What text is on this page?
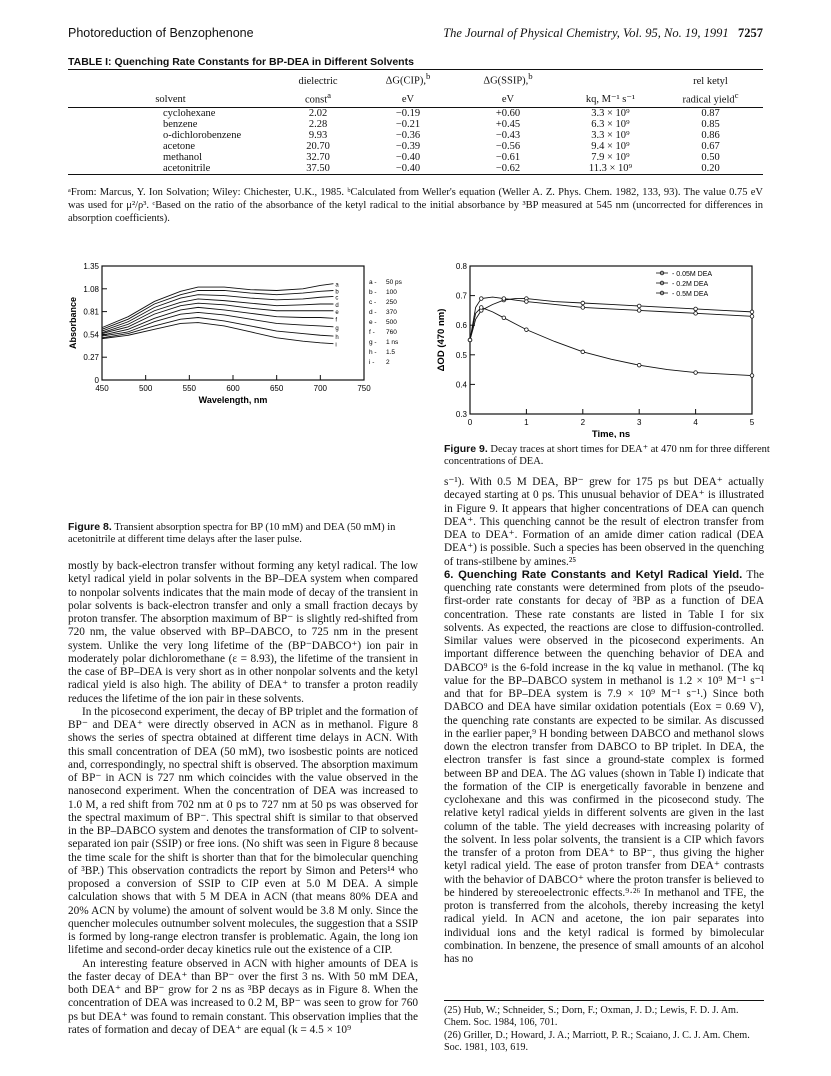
Photoreduction of Benzophenone	The Journal of Physical Chemistry, Vol. 95, No. 19, 1991 7257
TABLE I: Quenching Rate Constants for BP-DEA in Different Solvents
	dielectric	ΔG(CIP),$^b$	ΔG(SSIP),$^b$		rel ketyl
solvent	const$^a$	eV	eV	kq, M⁻¹ s⁻¹	radical yield$^c$
cyclohexane	2.02	−0.19	+0.60	3.3 × 10⁹	0.87
benzene	2.28	−0.21	+0.45	6.3 × 10⁹	0.85
o-dichlorobenzene	9.93	−0.36	−0.43	3.3 × 10⁹	0.86
acetone	20.70	−0.39	−0.56	9.4 × 10⁹	0.67
methanol	32.70	−0.40	−0.61	7.9 × 10⁹	0.50
acetonitrile	37.50	−0.40	−0.62	11.3 × 10⁹	0.20
ᵃFrom: Marcus, Y. Ion Solvation; Wiley: Chichester, U.K., 1985. ᵇCalculated from Weller's equation (Weller A. Z. Phys. Chem. 1982, 133, 93). The value 0.75 eV was used for μ²/ρ³. ᶜBased on the ratio of the absorbance of the ketyl radical to the initial absorbance by ³BP measured at 545 nm (uncorrected for differences in absorption coefficients).
0
0.27
0.54
0.81
1.08
1.35
450	500	550	600	650	700	750
Wavelength, nm
Absorbance
a
b
c
d
e
f
g
h
i
a - 50 ps
b - 100
c - 250
d - 370
e - 500
f - 760
g - 1 ns
h - 1.5
i - 2
Figure 8. Transient absorption spectra for BP (10 mM) and DEA (50 mM) in acetonitrile at different time delays after the laser pulse.
0.3
0.4
0.5
0.6
0.7
0.8
0	1	2	3	4	5
Time, ns
ΔOD (470 nm)
- 0.05M DEA
- 0.2M DEA
- 0.5M DEA
Figure 9. Decay traces at short times for DEA⁺ at 470 nm for three different concentrations of DEA.

mostly by back-electron transfer without forming any ketyl radical. The low ketyl radical yield in polar solvents in the BP–DEA system when compared to nonpolar solvents indicates that the main mode of decay of the transient in polar solvents is back-electron transfer and only a small fraction decays by proton transfer. The absorption maximum of BP⁻ is slightly red-shifted from 720 nm, the value observed with BP–DABCO, to 725 nm in the present system. Unlike the very long lifetime of the (BP⁻DABCO⁺) ion pair in moderately polar dichloromethane (ε = 8.93), the lifetime of the transient in the case of BP–DEA is very short as in other nonpolar solvents and the ketyl radical yield is also high. The ability of DEA⁺ to transfer a proton readily reduces the lifetime of the ion pair in these solvents.

In the picosecond experiment, the decay of BP triplet and the formation of BP⁻ and DEA⁺ were directly observed in ACN as in methanol. Figure 8 shows the series of spectra obtained at different time delays in ACN. With this small concentration of DEA (50 mM), two isosbestic points are noticed and, correspondingly, no spectral shift is observed. The absorption maximum of BP⁻ in ACN is 727 nm which coincides with the value observed in the nanosecond experiment. When the concentration of DEA was increased to 1.0 M, a red shift from 702 nm at 0 ps to 727 nm at 50 ps was observed for the spectral maximum of BP⁻. This spectral shift is similar to that observed in the BP–DABCO system and denotes the transformation of CIP to solvent-separated ion pair (SSIP) or free ions. (No shift was seen in Figure 8 because the time scale for the shift is shorter than that for the bimolecular quenching of ³BP.) This observation contradicts the report by Simon and Peters¹⁴ who proposed a conversion of SSIP to CIP even at 5.0 M DEA. A simple calculation shows that with 5 M DEA in ACN (that means 80% DEA and 20% ACN by volume) the amount of solvent would be 3.8 M only. Since the quencher molecules outnumber solvent molecules, the suggestion that a SSIP is formed by long-range electron transfer is problematic. Again, the long ion lifetime and second-order decay kinetics rule out the existence of a CIP.

An interesting feature observed in ACN with higher amounts of DEA is the faster decay of DEA⁺ than BP⁻ over the first 3 ns. With 50 mM DEA, both DEA⁺ and BP⁻ grow for 2 ns as ³BP decays as in Figure 8. When the concentration of DEA was increased to 0.2 M, BP⁻ was seen to grow for 760 ps but DEA⁺ was found to remain constant. This observation implies that the rates of formation and decay of DEA⁺ are equal (k = 4.5 × 10⁹

s⁻¹). With 0.5 M DEA, BP⁻ grew for 175 ps but DEA⁺ actually decayed starting at 0 ps. This unusual behavior of DEA⁺ is illustrated in Figure 9. It appears that higher concentrations of DEA can quench DEA⁺. This quenching cannot be the result of electron transfer from DEA to DEA⁺. Formation of an amide dimer cation radical (DEA DEA⁺) is possible. Such a species has been observed in the quenching of trans-stilbene by amines.²⁵

6. Quenching Rate Constants and Ketyl Radical Yield. The quenching rate constants were determined from plots of the pseudo-first-order rate constants for decay of ³BP as a function of DEA concentration. These rate constants are listed in Table I for six solvents. As expected, the reactions are close to diffusion-controlled. Similar values were observed in the picosecond experiments. An important difference between the quenching behavior of DEA and DABCO⁹ is the 6-fold increase in the kq value in methanol. (The kq value for the BP–DABCO system in methanol is 1.2 × 10⁹ M⁻¹ s⁻¹ and that for BP–DEA system is 7.9 × 10⁹ M⁻¹ s⁻¹.) Since both DABCO and DEA have similar oxidation potentials (Eox = 0.69 V), the quenching rate constants are expected to be similar. As discussed in the earlier paper,⁹ H bonding between DABCO and methanol slows down the electron transfer from DABCO to BP triplet. In DEA, the electron transfer is fast since a ground-state complex is formed between BP and DEA. The ΔG values (shown in Table I) indicate that the formation of the CIP is energetically favorable in benzene and cyclohexane and this was confirmed in the picosecond study. The relative ketyl radical yields in different solvents are given in the last column of the table. The yield decreases with increasing polarity of the solvent. In less polar solvents, the transient is a CIP which favors the transfer of a proton from DEA⁺ to BP⁻, thus giving the higher ketyl radical yield. The ease of proton transfer from DEA⁺ contrasts with the behavior of DABCO⁺ where the proton transfer is believed to be hindered by stereoelectronic effects.⁹·²⁶ In methanol and TFE, the proton is transferred from the alcohols, thereby increasing the ketyl radical yield. In ACN and acetone, the ion pair separates into individual ions and the ketyl radical is formed by bimolecular combination. In benzene, the presence of small amounts of an alcohol has no

(25) Hub, W.; Schneider, S.; Dorn, F.; Oxman, J. D.; Lewis, F. D. J. Am. Chem. Soc. 1984, 106, 701.

(26) Griller, D.; Howard, J. A.; Marriott, P. R.; Scaiano, J. C. J. Am. Chem. Soc. 1981, 103, 619.
